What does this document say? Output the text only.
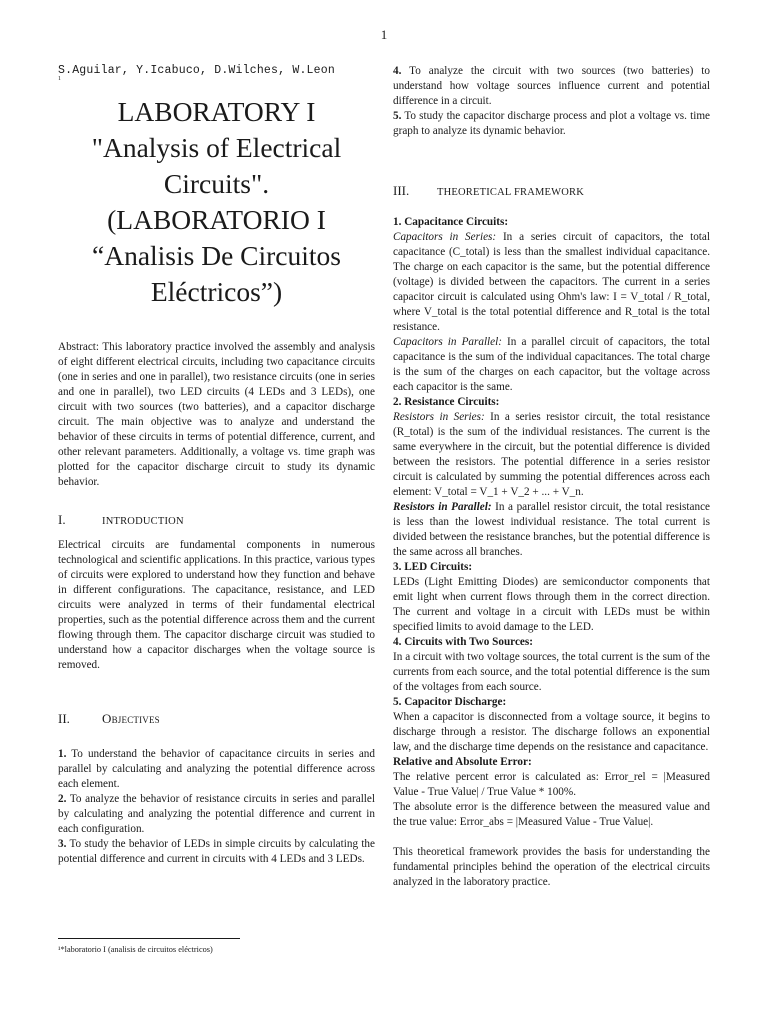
1
S.Aguilar, Y.Icabuco, D.Wilches, W.Leon
1
LABORATORY I
"Analysis of Electrical
Circuits".
(LABORATORIO I
“Analisis De Circuitos
Eléctricos”)
Abstract: This laboratory practice involved the assembly and analysis of eight different electrical circuits, including two capacitance circuits (one in series and one in parallel), two resistance circuits (one in series and one in parallel), two LED circuits (4 LEDs and 3 LEDs), one circuit with two sources (two batteries), and a capacitor discharge circuit. The main objective was to analyze and understand the behavior of these circuits in terms of potential difference, current, and other relevant parameters. Additionally, a voltage vs. time graph was plotted for the capacitor discharge circuit to study its dynamic behavior.
I.	INTRODUCTION
Electrical circuits are fundamental components in numerous technological and scientific applications. In this practice, various types of circuits were explored to understand how they function and behave in different configurations. The capacitance, resistance, and LED circuits were analyzed in terms of their fundamental electrical properties, such as the potential difference across them and the current flowing through them. The capacitor discharge circuit was studied to understand how a capacitor discharges when the voltage source is removed.
II.	Objectives
1. To understand the behavior of capacitance circuits in series and parallel by calculating and analyzing the potential difference across each element.
2. To analyze the behavior of resistance circuits in series and parallel by calculating and analyzing the potential difference and current in each configuration.
3. To study the behavior of LEDs in simple circuits by calculating the potential difference and current in circuits with 4 LEDs and 3 LEDs.
4. To analyze the circuit with two sources (two batteries) to understand how voltage sources influence current and potential difference in a circuit.
5. To study the capacitor discharge process and plot a voltage vs. time graph to analyze its dynamic behavior.
III.	THEORETICAL FRAMEWORK
1. Capacitance Circuits:
Capacitors in Series: In a series circuit of capacitors, the total capacitance (C_total) is less than the smallest individual capacitance. The charge on each capacitor is the same, but the potential difference (voltage) is divided between the capacitors. The current in a series capacitor circuit is calculated using Ohm's law: I = V_total / R_total, where V_total is the total potential difference and R_total is the total resistance.
Capacitors in Parallel: In a parallel circuit of capacitors, the total capacitance is the sum of the individual capacitances. The total charge is the sum of the charges on each capacitor, but the voltage across each capacitor is the same.
2. Resistance Circuits:
Resistors in Series: In a series resistor circuit, the total resistance (R_total) is the sum of the individual resistances. The current is the same everywhere in the circuit, but the potential difference is divided between the resistors. The potential difference in a series resistor circuit is calculated by summing the potential differences across each element: V_total = V_1 + V_2 + ... + V_n.
Resistors in Parallel: In a parallel resistor circuit, the total resistance is less than the lowest individual resistance. The total current is divided between the resistance branches, but the potential difference is the same across all branches.
3. LED Circuits:
LEDs (Light Emitting Diodes) are semiconductor components that emit light when current flows through them in the correct direction. The current and voltage in a circuit with LEDs must be within specified limits to avoid damage to the LED.
4. Circuits with Two Sources:
In a circuit with two voltage sources, the total current is the sum of the currents from each source, and the total potential difference is the sum of the voltages from each source.
5. Capacitor Discharge:
When a capacitor is disconnected from a voltage source, it begins to discharge through a resistor. The discharge follows an exponential law, and the discharge time depends on the resistance and capacitance.
Relative and Absolute Error:
The relative percent error is calculated as: Error_rel = |Measured Value - True Value| / True Value * 100%.
The absolute error is the difference between the measured value and the true value: Error_abs = |Measured Value - True Value|.
This theoretical framework provides the basis for understanding the fundamental principles behind the operation of the electrical circuits analyzed in the laboratory practice.
¹*laboratorio I (analisis de circuitos eléctricos)
